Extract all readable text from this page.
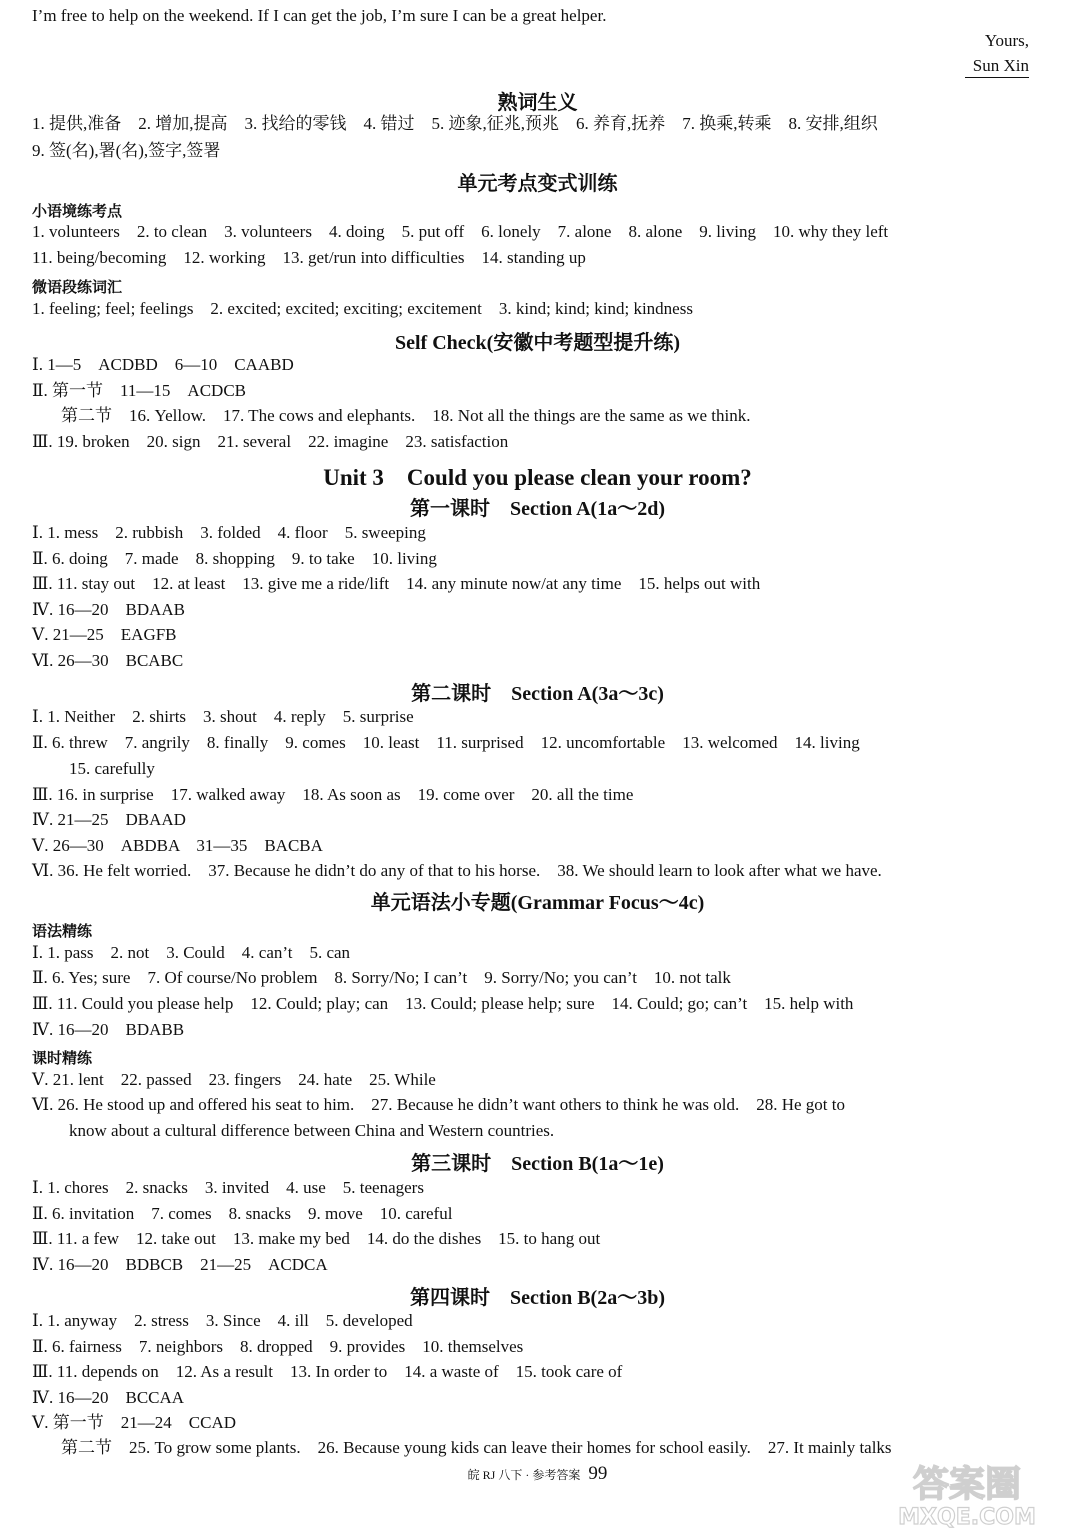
I’m free to help on the weekend. If I can get the job, I’m sure I can be a great helper.
Yours,
Sun Xin
熟词生义
1. 提供,准备　2. 增加,提高　3. 找给的零钱　4. 错过　5. 迹象,征兆,预兆　6. 养育,抚养　7. 换乘,转乘　8. 安排,组织
9. 签(名),署(名),签字,签署
单元考点变式训练
小语境练考点
1. volunteers　2. to clean　3. volunteers　4. doing　5. put off　6. lonely　7. alone　8. alone　9. living　10. why they left
11. being/becoming　12. working　13. get/run into difficulties　14. standing up
微语段练词汇
1. feeling; feel; feelings　2. excited; excited; exciting; excitement　3. kind; kind; kind; kindness
Self Check(安徽中考题型提升练)
Ⅰ. 1—5　ACDBD　6—10　CAABD
Ⅱ. 第一节　11—15　ACDCB
　第二节　16. Yellow.　17. The cows and elephants.　18. Not all the things are the same as we think.
Ⅲ. 19. broken　20. sign　21. several　22. imagine　23. satisfaction
Unit 3　Could you please clean your room?
第一课时　Section A(1a～2d)
Ⅰ. 1. mess　2. rubbish　3. folded　4. floor　5. sweeping
Ⅱ. 6. doing　7. made　8. shopping　9. to take　10. living
Ⅲ. 11. stay out　12. at least　13. give me a ride/lift　14. any minute now/at any time　15. helps out with
Ⅳ. 16—20　BDAAB
Ⅴ. 21—25　EAGFB
Ⅵ. 26—30　BCABC
第二课时　Section A(3a～3c)
Ⅰ. 1. Neither　2. shirts　3. shout　4. reply　5. surprise
Ⅱ. 6. threw　7. angrily　8. finally　9. comes　10. least　11. surprised　12. uncomfortable　13. welcomed　14. living
　15. carefully
Ⅲ. 16. in surprise　17. walked away　18. As soon as　19. come over　20. all the time
Ⅳ. 21—25　DBAAD
Ⅴ. 26—30　ABDBA　31—35　BACBA
Ⅵ. 36. He felt worried.　37. Because he didn’t do any of that to his horse.　38. We should learn to look after what we have.
单元语法小专题(Grammar Focus～4c)
语法精练
Ⅰ. 1. pass　2. not　3. Could　4. can’t　5. can
Ⅱ. 6. Yes; sure　7. Of course/No problem　8. Sorry/No; I can’t　9. Sorry/No; you can’t　10. not talk
Ⅲ. 11. Could you please help　12. Could; play; can　13. Could; please help; sure　14. Could; go; can’t　15. help with
Ⅳ. 16—20　BDABB
课时精练
Ⅴ. 21. lent　22. passed　23. fingers　24. hate　25. While
Ⅵ. 26. He stood up and offered his seat to him.　27. Because he didn’t want others to think he was old.　28. He got to
　know about a cultural difference between China and Western countries.
第三课时　Section B(1a～1e)
Ⅰ. 1. chores　2. snacks　3. invited　4. use　5. teenagers
Ⅱ. 6. invitation　7. comes　8. snacks　9. move　10. careful
Ⅲ. 11. a few　12. take out　13. make my bed　14. do the dishes　15. to hang out
Ⅳ. 16—20　BDBCB　21—25　ACDCA
第四课时　Section B(2a～3b)
Ⅰ. 1. anyway　2. stress　3. Since　4. ill　5. developed
Ⅱ. 6. fairness　7. neighbors　8. dropped　9. provides　10. themselves
Ⅲ. 11. depends on　12. As a result　13. In order to　14. a waste of　15. took care of
Ⅳ. 16—20　BCCAA
Ⅴ. 第一节　21—24　CCAD
　第二节　25. To grow some plants.　26. Because young kids can leave their homes for school easily.　27. It mainly talks
皖 RJ 八下 · 参考答案 99	答案圈
MXQE.COM
